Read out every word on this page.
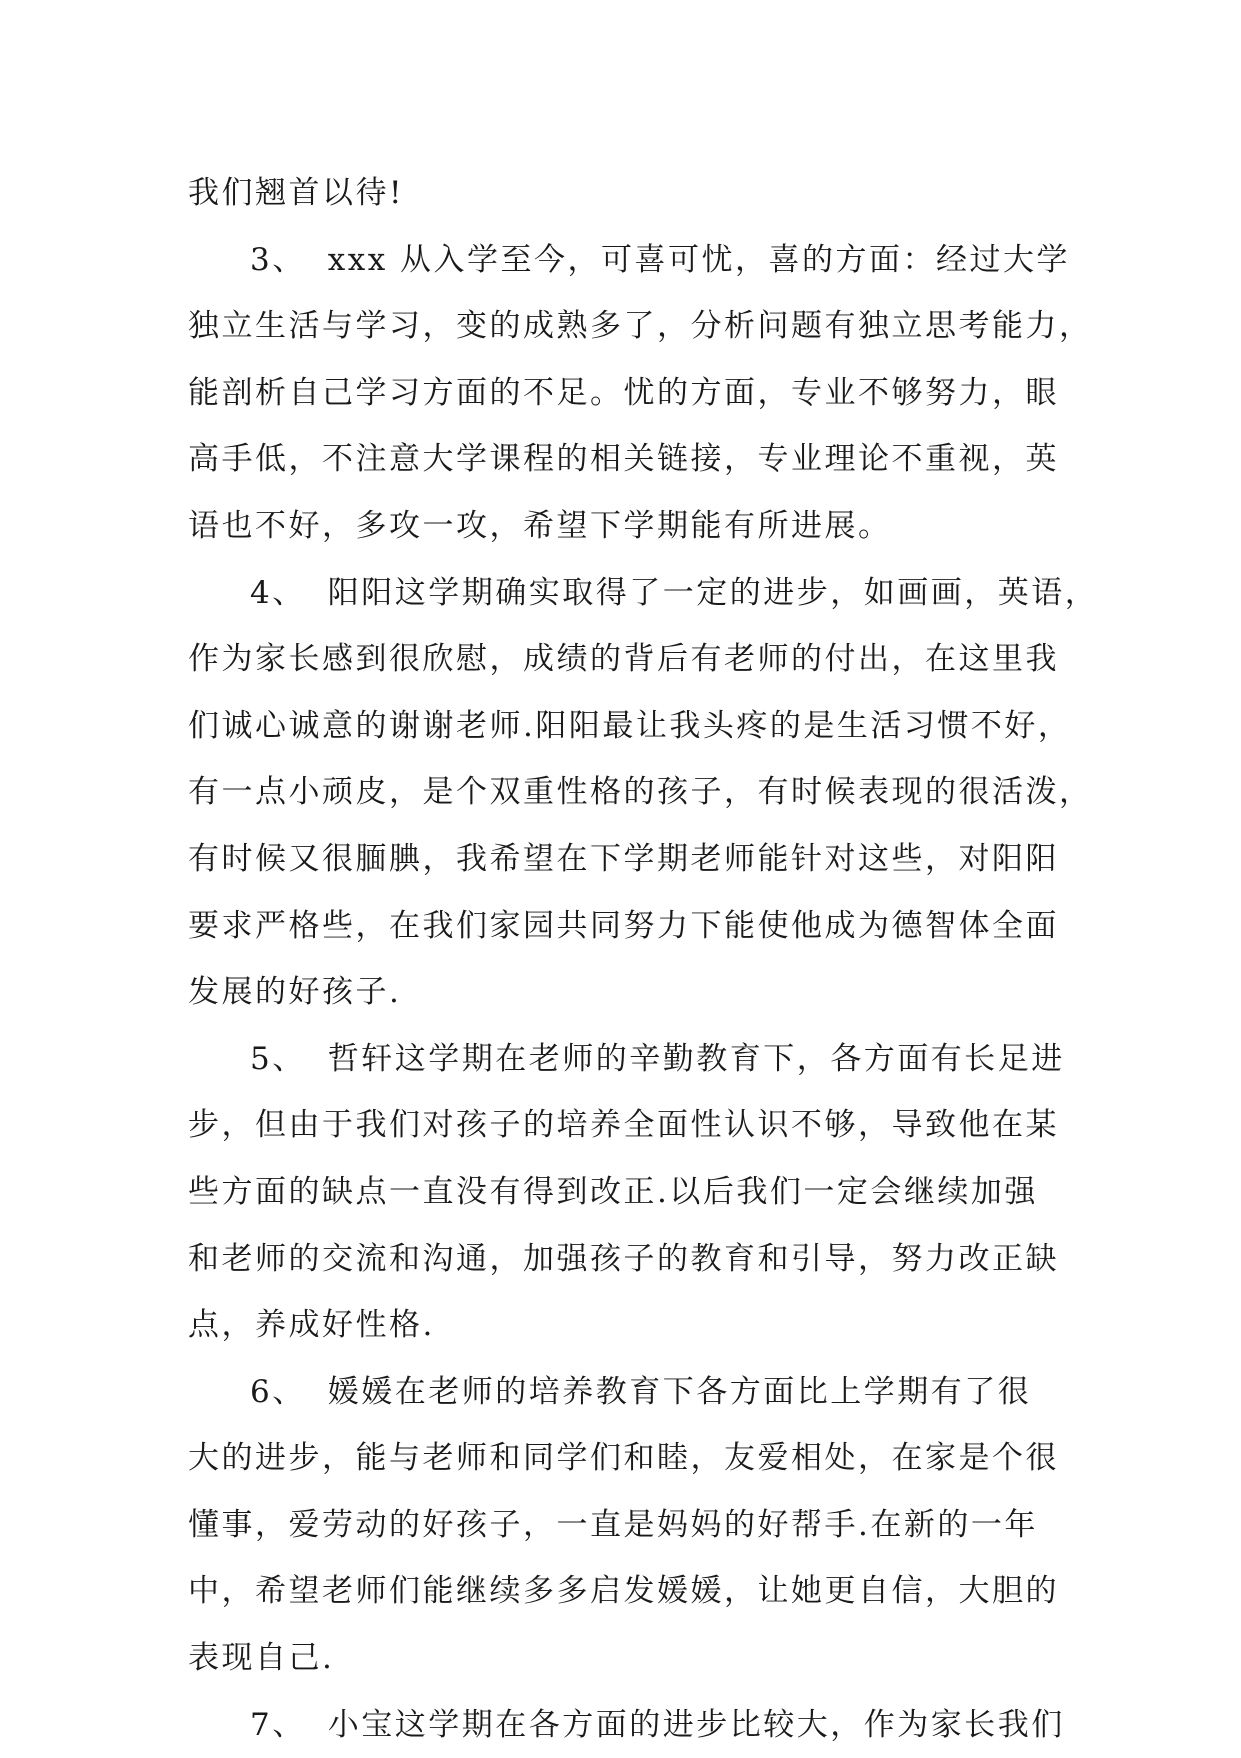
我们翘首以待!
3、 xxx 从入学至今，可喜可忧，喜的方面：经过大学
独立生活与学习，变的成熟多了，分析问题有独立思考能力，
能剖析自己学习方面的不足。忧的方面，专业不够努力，眼
高手低，不注意大学课程的相关链接，专业理论不重视，英
语也不好，多攻一攻，希望下学期能有所进展。
4、 阳阳这学期确实取得了一定的进步，如画画，英语，
作为家长感到很欣慰，成绩的背后有老师的付出，在这里我
们诚心诚意的谢谢老师.阳阳最让我头疼的是生活习惯不好，
有一点小顽皮，是个双重性格的孩子，有时候表现的很活泼，
有时候又很腼腆，我希望在下学期老师能针对这些，对阳阳
要求严格些，在我们家园共同努力下能使他成为德智体全面
发展的好孩子.
5、 哲轩这学期在老师的辛勤教育下，各方面有长足进
步，但由于我们对孩子的培养全面性认识不够，导致他在某
些方面的缺点一直没有得到改正.以后我们一定会继续加强
和老师的交流和沟通，加强孩子的教育和引导，努力改正缺
点，养成好性格.
6、 媛媛在老师的培养教育下各方面比上学期有了很
大的进步，能与老师和同学们和睦，友爱相处，在家是个很
懂事，爱劳动的好孩子，一直是妈妈的好帮手.在新的一年
中，希望老师们能继续多多启发媛媛，让她更自信，大胆的
表现自己.
7、 小宝这学期在各方面的进步比较大，作为家长我们
